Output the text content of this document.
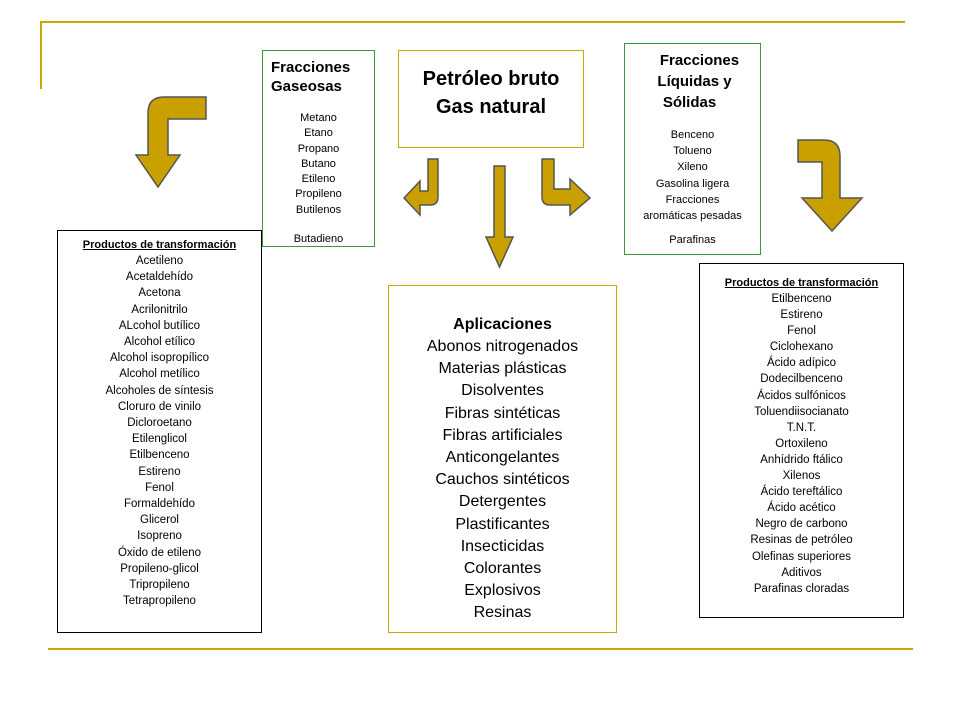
Fracciones
Gaseosas
Metano
Etano
Propano
Butano
Etileno
Propileno
Butilenos
Butadieno
Petróleo bruto
Gas natural
Fracciones
Líquidas y
Sólidas
Benceno
Tolueno
Xileno
Gasolina ligera
Fracciones
aromáticas pesadas
Parafinas
Productos de transformación
Acetileno
Acetaldehído
Acetona
Acrilonitrilo
ALcohol butílico
Alcohol etílico
Alcohol isopropílico
Alcohol metílico
Alcoholes de síntesis
Cloruro de vinilo
Dicloroetano
Etilenglicol
Etilbenceno
Estireno
Fenol
Formaldehído
Glicerol
Isopreno
Óxido de etileno
Propileno-glicol
Tripropileno
Tetrapropileno
Aplicaciones
Abonos nitrogenados
Materias plásticas
Disolventes
Fibras sintéticas
Fibras artificiales
Anticongelantes
Cauchos sintéticos
Detergentes
Plastificantes
Insecticidas
Colorantes
Explosivos
Resinas
Productos de transformación
Etilbenceno
Estireno
Fenol
Ciclohexano
Ácido adípico
Dodecilbenceno
Ácidos sulfónicos
Toluendiisocianato
T.N.T.
Ortoxileno
Anhídrido ftálico
Xilenos
Ácido tereftálico
Ácido acético
Negro de carbono
Resinas de petróleo
Olefinas superiores
Aditivos
Parafinas cloradas
